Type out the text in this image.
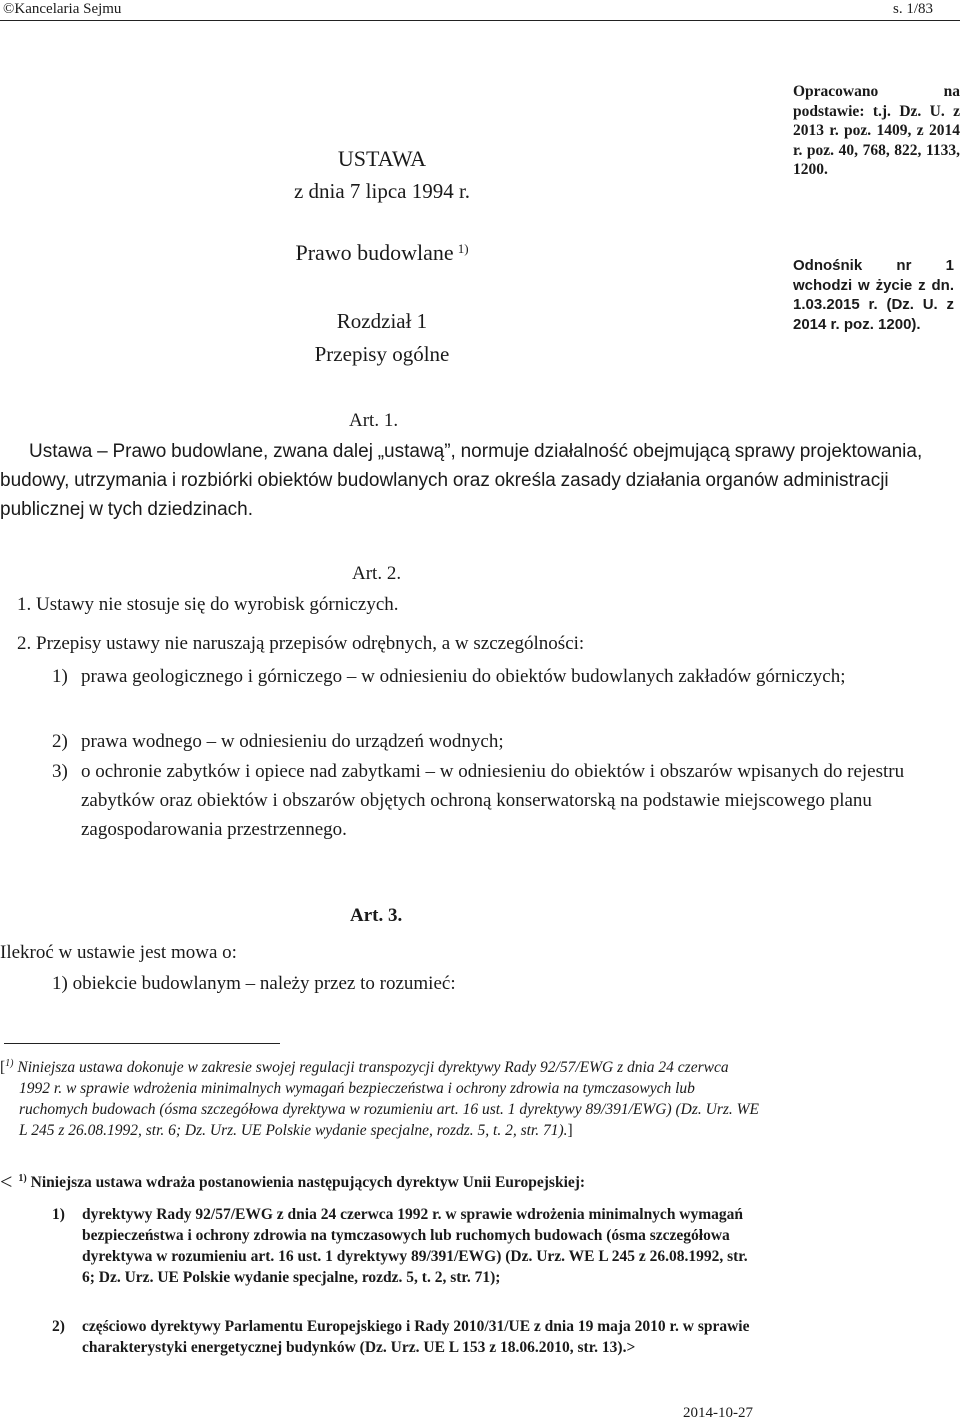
©Kancelaria Sejmu	s. 1/83
USTAWA
z dnia 7 lipca 1994 r.
Prawo budowlane $^{1)}$
Rozdział 1
Przepisy ogólne
Opracowano na podstawie: t.j. Dz. U. z 2013 r. poz. 1409, z 2014 r. poz. 40, 768, 822, 1133, 1200.
Odnośnik nr 1 wchodzi w życie z dn. 1.03.2015 r. (Dz. U. z 2014 r. poz. 1200).
Art. 1.
Ustawa – Prawo budowlane, zwana dalej „ustawą”, normuje działalność obejmującą sprawy projektowania, budowy, utrzymania i rozbiórki obiektów budowlanych oraz określa zasady działania organów administracji publicznej w tych dziedzinach.
Art. 2.
1. Ustawy nie stosuje się do wyrobisk górniczych.
2. Przepisy ustawy nie naruszają przepisów odrębnych, a w szczególności:
1) prawa geologicznego i górniczego – w odniesieniu do obiektów budowlanych zakładów górniczych;
2) prawa wodnego – w odniesieniu do urządzeń wodnych;
3) o ochronie zabytków i opiece nad zabytkami – w odniesieniu do obiektów i obszarów wpisanych do rejestru zabytków oraz obiektów i obszarów objętych ochroną konserwatorską na podstawie miejscowego planu zagospodarowania przestrzennego.
Art. 3.
Ilekroć w ustawie jest mowa o:
1) obiekcie budowlanym – należy przez to rozumieć:
[$^{1)}$ Niniejsza ustawa dokonuje w zakresie swojej regulacji transpozycji dyrektywy Rady 92/57/EWG z dnia 24 czerwca 1992 r. w sprawie wdrożenia minimalnych wymagań bezpieczeństwa i ochrony zdrowia na tymczasowych lub ruchomych budowach (ósma szczegółowa dyrektywa w rozumieniu art. 16 ust. 1 dyrektywy 89/391/EWG) (Dz. Urz. WE L 245 z 26.08.1992, str. 6; Dz. Urz. UE Polskie wydanie specjalne, rozdz. 5, t. 2, str. 71).]
< $^{1)}$ Niniejsza ustawa wdraża postanowienia następujących dyrektyw Unii Europejskiej:
1)	dyrektywy Rady 92/57/EWG z dnia 24 czerwca 1992 r. w sprawie wdrożenia minimalnych wymagań bezpieczeństwa i ochrony zdrowia na tymczasowych lub ruchomych budowach (ósma szczegółowa dyrektywa w rozumieniu art. 16 ust. 1 dyrektywy 89/391/EWG) (Dz. Urz. WE L 245 z 26.08.1992, str. 6; Dz. Urz. UE Polskie wydanie specjalne, rozdz. 5, t. 2, str. 71);
2)	częściowo dyrektywy Parlamentu Europejskiego i Rady 2010/31/UE z dnia 19 maja 2010 r. w sprawie charakterystyki energetycznej budynków (Dz. Urz. UE L 153 z 18.06.2010, str. 13).>
2014-10-27
